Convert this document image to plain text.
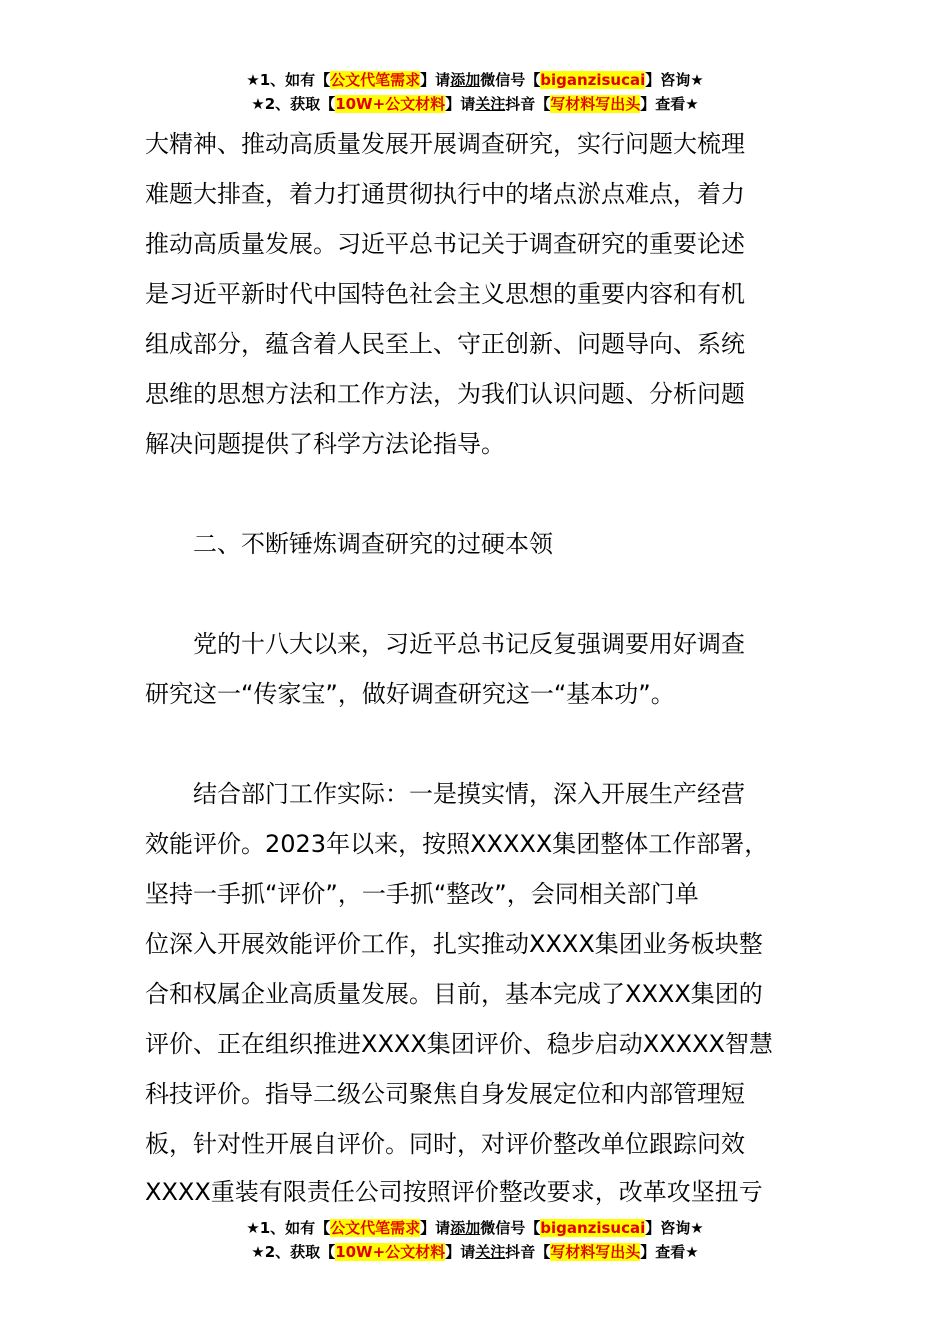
★1、如有【公文代笔需求】请添加微信号【biganzisucai】咨询★
★2、获取【10W+公文材料】请关注抖音【写材料写出头】查看★
大精神、推动高质量发展开展调查研究，实行问题大梳理
难题大排查，着力打通贯彻执行中的堵点淤点难点，着力
推动高质量发展。习近平总书记关于调查研究的重要论述
是习近平新时代中国特色社会主义思想的重要内容和有机
组成部分，蕴含着人民至上、守正创新、问题导向、系统
思维的思想方法和工作方法，为我们认识问题、分析问题
解决问题提供了科学方法论指导。
二、不断锤炼调查研究的过硬本领
党的十八大以来，习近平总书记反复强调要用好调查
研究这一“传家宝”，做好调查研究这一“基本功”。
结合部门工作实际：一是摸实情，深入开展生产经营
效能评价。2023年以来，按照XXXXX集团整体工作部署，
坚持一手抓“评价”，一手抓“整改”，会同相关部门单
位深入开展效能评价工作，扎实推动XXXX集团业务板块整
合和权属企业高质量发展。目前，基本完成了XXXX集团的
评价、正在组织推进XXXX集团评价、稳步启动XXXXX智慧
科技评价。指导二级公司聚焦自身发展定位和内部管理短
板，针对性开展自评价。同时，对评价整改单位跟踪问效
XXXX重装有限责任公司按照评价整改要求，改革攻坚扭亏
★1、如有【公文代笔需求】请添加微信号【biganzisucai】咨询★
★2、获取【10W+公文材料】请关注抖音【写材料写出头】查看★
